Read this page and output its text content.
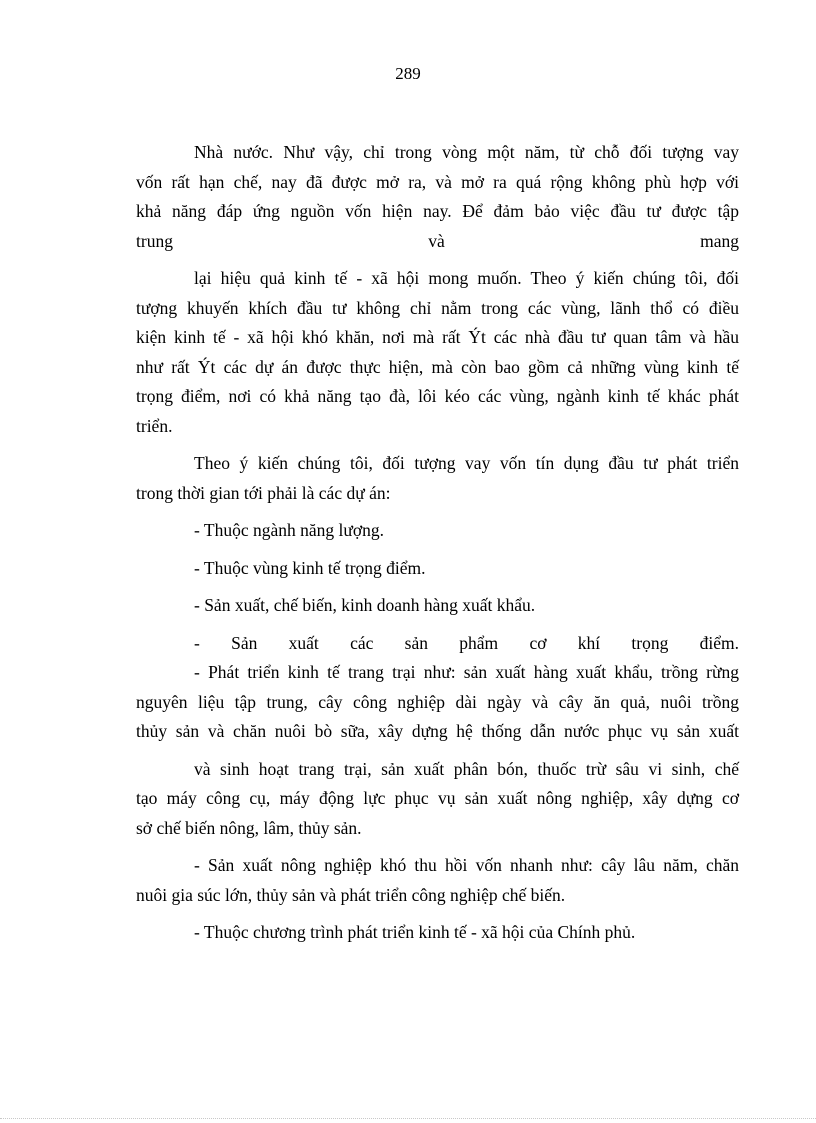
289
Nhà nước. Như vậy, chỉ trong vòng một năm, từ chỗ đối tượng vay
vốn rất hạn chế, nay đã được mở ra, và mở ra quá rộng không phù hợp với
khả năng đáp ứng nguồn vốn hiện nay. Để đảm bảo việc đầu tư được tập
trung và mang
lại hiệu quả kinh tế - xã hội mong muốn. Theo ý kiến chúng tôi, đối
tượng khuyến khích đầu tư không chỉ nằm trong các vùng, lãnh thổ có điều
kiện kinh tế - xã hội khó khăn, nơi mà rất Ýt các nhà đầu tư quan tâm và hầu
như rất Ýt các dự án được thực hiện, mà còn bao gồm cả những vùng kinh tế
trọng điểm, nơi có khả năng tạo đà, lôi kéo các vùng, ngành kinh tế khác phát
triển.
Theo ý kiến chúng tôi, đối tượng vay vốn tín dụng đầu tư phát triển
trong thời gian tới phải là các dự án:
- Thuộc ngành năng lượng.
- Thuộc vùng kinh tế trọng điểm.
- Sản xuất, chế biến, kinh doanh hàng xuất khẩu.
- Sản xuất các sản phẩm cơ khí trọng điểm.
- Phát triển kinh tế trang trại như: sản xuất hàng xuất khẩu, trồng rừng
nguyên liệu tập trung, cây công nghiệp dài ngày và cây ăn quả, nuôi trồng
thủy sản và chăn nuôi bò sữa, xây dựng hệ thống dẫn nước phục vụ sản xuất
và sinh hoạt trang trại, sản xuất phân bón, thuốc trừ sâu vi sinh, chế
tạo máy công cụ, máy động lực phục vụ sản xuất nông nghiệp, xây dựng cơ
sở chế biến nông, lâm, thủy sản.
- Sản xuất nông nghiệp khó thu hồi vốn nhanh như: cây lâu năm, chăn
nuôi gia súc lớn, thủy sản và phát triển công nghiệp chế biến.
- Thuộc chương trình phát triển kinh tế - xã hội của Chính phủ.
